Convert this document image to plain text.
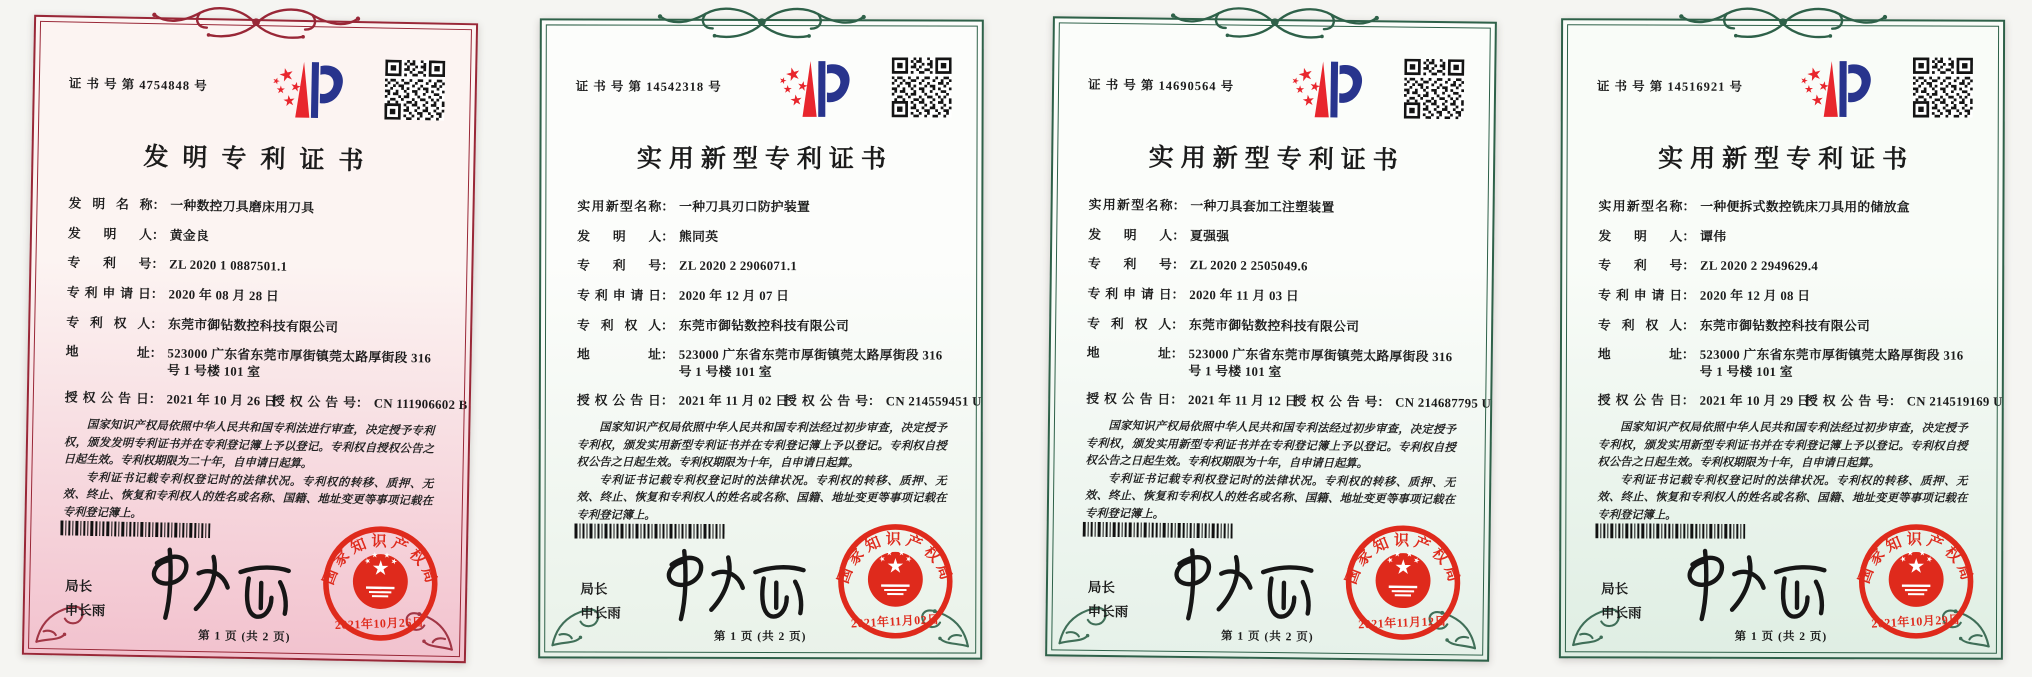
证 书 号 第 4754848 号
发明专利证书
发明名称 ： 一种数控刀具磨床用刀具
发明人 ： 黄金良
专利号 ： ZL 2020 1 0887501.1
专利申请日 ： 2020 年 08 月 28 日
专利权人 ： 东莞市御钻数控科技有限公司
地址 ： 523000 广东省东莞市厚街镇莞太路厚街段 316 号 1 号楼 101 室
授权公告日 ： 2021 年 10 月 26 日
授权公告号 ： CN 111906602 B

国家知识产权局依照中华人民共和国专利法进行审查，决定授予专利权，颁发发明专利证书并在专利登记簿上予以登记。专利权自授权公告之日起生效。专利权期限为二十年，自申请日起算。

专利证书记载专利权登记时的法律状况。专利权的转移、质押、无效、终止、恢复和专利权人的姓名或名称、国籍、地址变更等事项记载在专利登记簿上。

局长
申长雨
2021年10月26日
第 1 页 (共 2 页)
证 书 号 第 14542318 号
实用新型专利证书
实用新型名称 ： 一种刀具刃口防护装置
发明人 ： 熊同英
专利号 ： ZL 2020 2 2906071.1
专利申请日 ： 2020 年 12 月 07 日
专利权人 ： 东莞市御钻数控科技有限公司
地址 ： 523000 广东省东莞市厚街镇莞太路厚街段 316 号 1 号楼 101 室
授权公告日 ： 2021 年 11 月 02 日
授权公告号 ： CN 214559451 U

国家知识产权局依照中华人民共和国专利法经过初步审查，决定授予专利权，颁发实用新型专利证书并在专利登记簿上予以登记。专利权自授权公告之日起生效。专利权期限为十年，自申请日起算。

专利证书记载专利权登记时的法律状况。专利权的转移、质押、无效、终止、恢复和专利权人的姓名或名称、国籍、地址变更等事项记载在专利登记簿上。

局长
申长雨	2021年11月02日
第 1 页 (共 2 页)
证 书 号 第 14690564 号
实用新型专利证书
实用新型名称 ： 一种刀具套加工注塑装置
发明人 ： 夏强强
专利号 ： ZL 2020 2 2505049.6
专利申请日 ： 2020 年 11 月 03 日
专利权人 ： 东莞市御钻数控科技有限公司
地址 ： 523000 广东省东莞市厚街镇莞太路厚街段 316 号 1 号楼 101 室
授权公告日 ： 2021 年 11 月 12 日
授权公告号 ： CN 214687795 U

国家知识产权局依照中华人民共和国专利法经过初步审查，决定授予专利权，颁发实用新型专利证书并在专利登记簿上予以登记。专利权自授权公告之日起生效。专利权期限为十年，自申请日起算。

专利证书记载专利权登记时的法律状况。专利权的转移、质押、无效、终止、恢复和专利权人的姓名或名称、国籍、地址变更等事项记载在专利登记簿上。

局长
申长雨
2021年11月12日
第 1 页 (共 2 页)
证 书 号 第 14516921 号
实用新型专利证书
实用新型名称 ： 一种便拆式数控铣床刀具用的储放盒
发明人 ： 谭伟
专利号 ： ZL 2020 2 2949629.4
专利申请日 ： 2020 年 12 月 08 日
专利权人 ： 东莞市御钻数控科技有限公司
地址 ： 523000 广东省东莞市厚街镇莞太路厚街段 316 号 1 号楼 101 室
授权公告日 ： 2021 年 10 月 29 日
授权公告号 ： CN 214519169 U

国家知识产权局依照中华人民共和国专利法经过初步审查，决定授予专利权，颁发实用新型专利证书并在专利登记簿上予以登记。专利权自授权公告之日起生效。专利权期限为十年，自申请日起算。

专利证书记载专利权登记时的法律状况。专利权的转移、质押、无效、终止、恢复和专利权人的姓名或名称、国籍、地址变更等事项记载在专利登记簿上。

局长
申长雨	2021年10月29日
第 1 页 (共 2 页)
